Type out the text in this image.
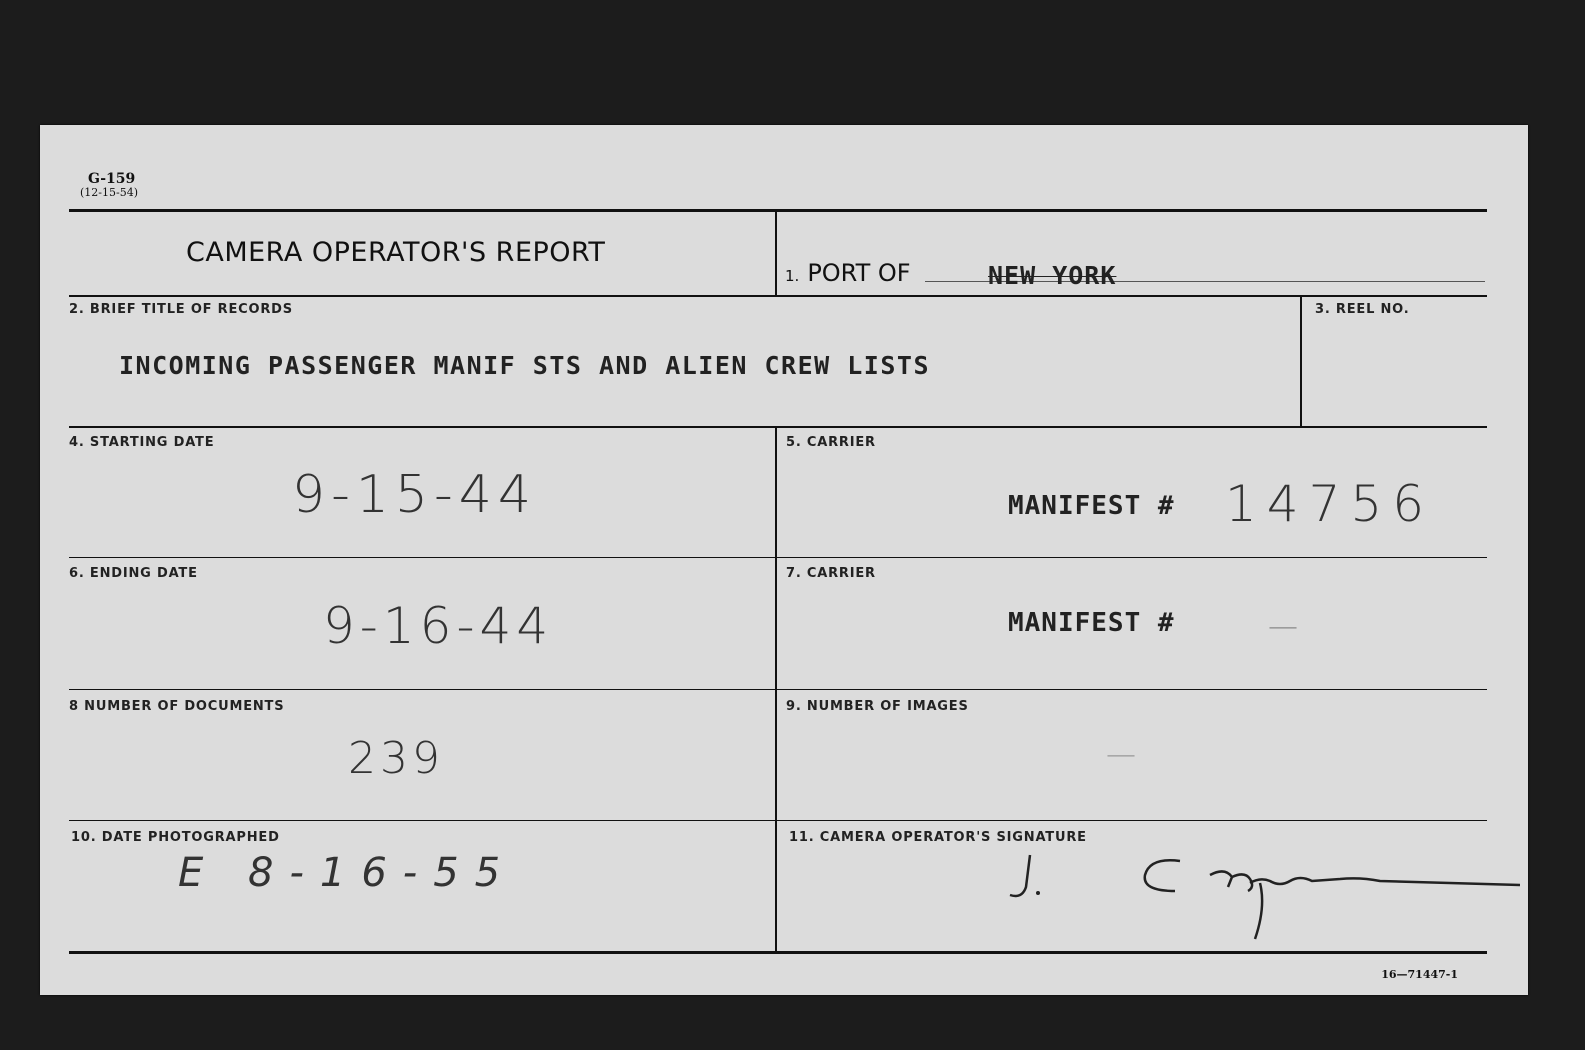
G-159
(12-15-54)
CAMERA OPERATOR'S REPORT
1. PORT OF	NEW YORK
2. BRIEF TITLE OF RECORDS
INCOMING PASSENGER MANIF STS AND ALIEN CREW LISTS
3. REEL NO.
4. STARTING DATE
9-15-44
5. CARRIER
MANIFEST # 14756
6. ENDING DATE
9-16-44
7. CARRIER
MANIFEST #	—
8 NUMBER OF DOCUMENTS
239
9. NUMBER OF IMAGES
—
10. DATE PHOTOGRAPHED
E 8-16-55
11. CAMERA OPERATOR'S SIGNATURE
16—71447-1
